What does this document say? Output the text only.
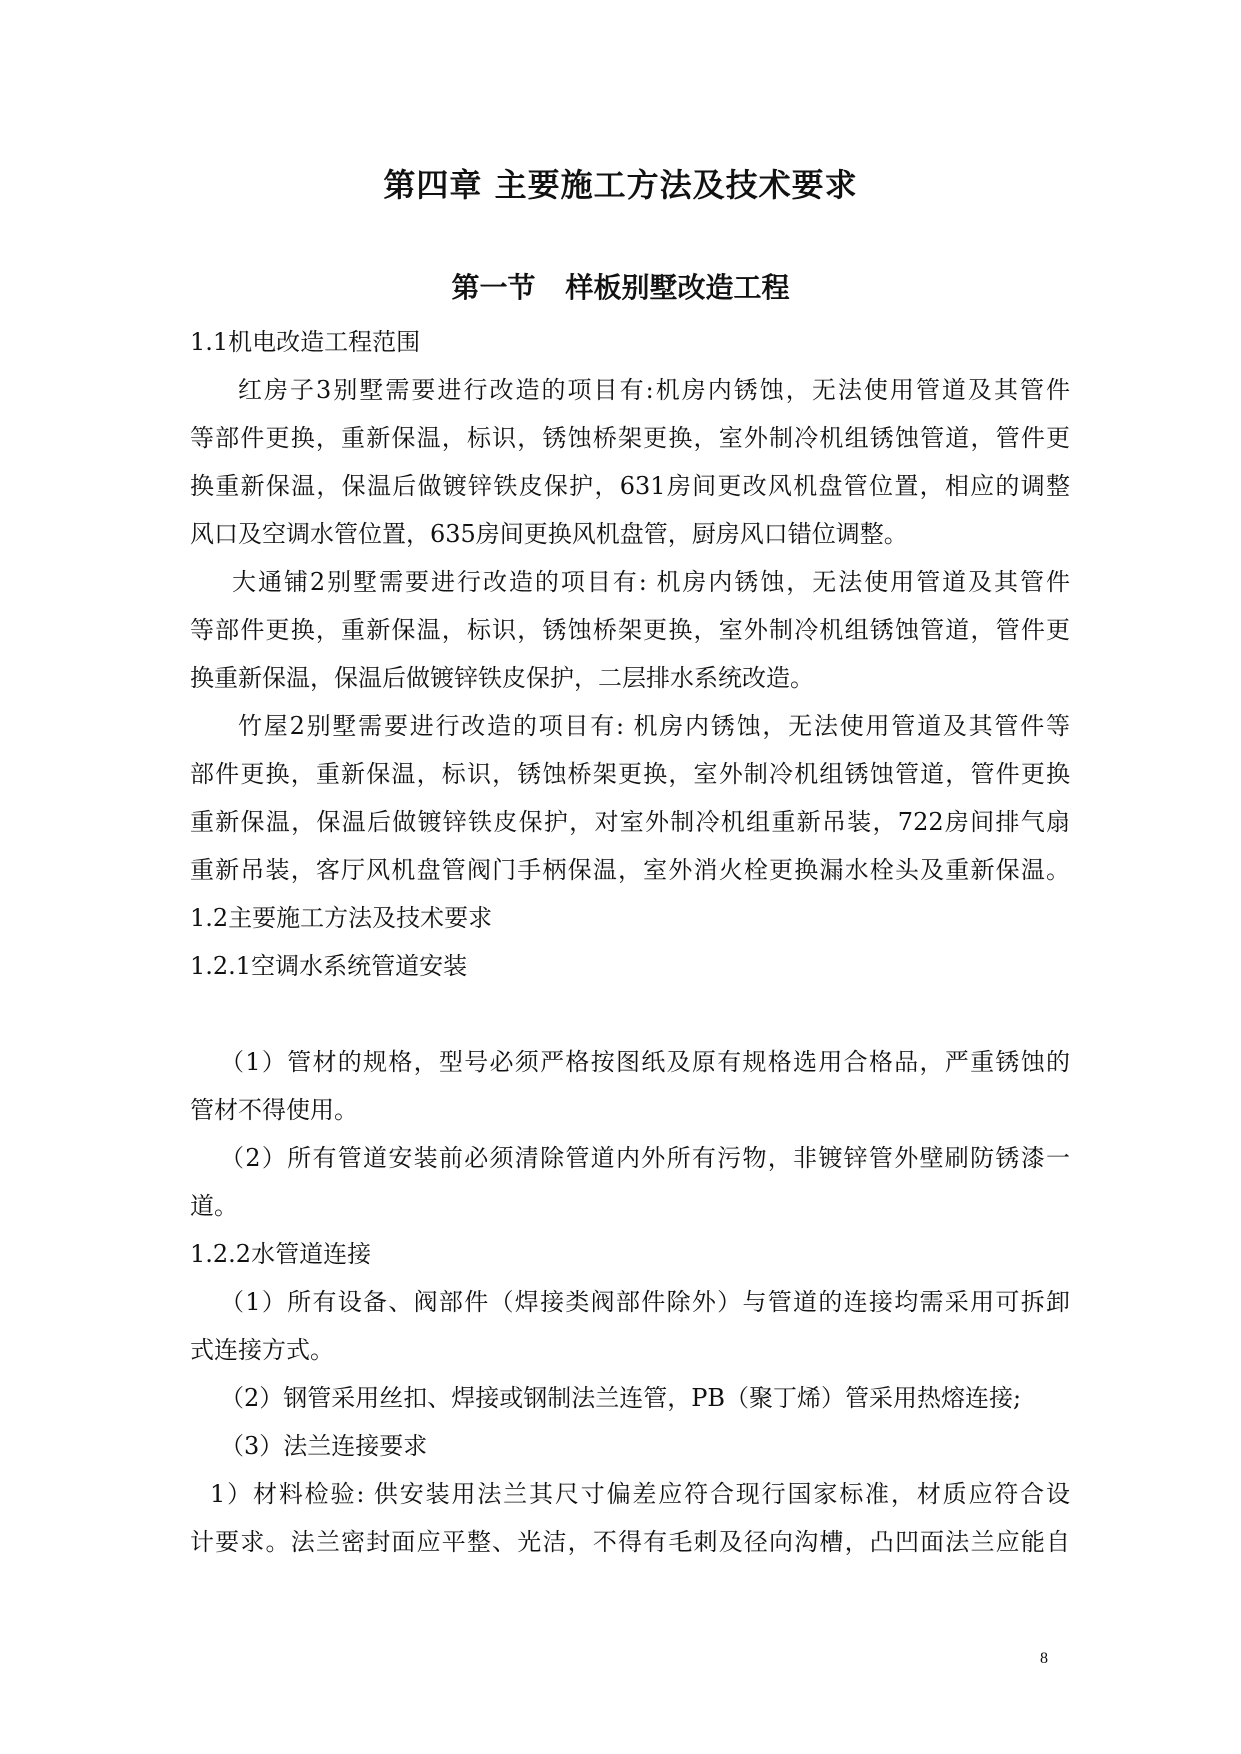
第四章 主要施工方法及技术要求
第一节 样板别墅改造工程
1.1机电改造工程范围
红房子3别墅需要进行改造的项目有:机房内锈蚀，无法使用管道及其管件
等部件更换，重新保温，标识，锈蚀桥架更换，室外制冷机组锈蚀管道，管件更
换重新保温，保温后做镀锌铁皮保护，631房间更改风机盘管位置，相应的调整
风口及空调水管位置，635房间更换风机盘管，厨房风口错位调整。
大通铺2别墅需要进行改造的项目有: 机房内锈蚀，无法使用管道及其管件
等部件更换，重新保温，标识，锈蚀桥架更换，室外制冷机组锈蚀管道，管件更
换重新保温，保温后做镀锌铁皮保护，二层排水系统改造。
竹屋2别墅需要进行改造的项目有: 机房内锈蚀，无法使用管道及其管件等
部件更换，重新保温，标识，锈蚀桥架更换，室外制冷机组锈蚀管道，管件更换
重新保温，保温后做镀锌铁皮保护，对室外制冷机组重新吊装，722房间排气扇
重新吊装，客厅风机盘管阀门手柄保温，室外消火栓更换漏水栓头及重新保温。
1.2主要施工方法及技术要求
1.2.1空调水系统管道安装
（1）管材的规格，型号必须严格按图纸及原有规格选用合格品，严重锈蚀的
管材不得使用。
（2）所有管道安装前必须清除管道内外所有污物，非镀锌管外壁刷防锈漆一
道。
1.2.2水管道连接
（1）所有设备、阀部件（焊接类阀部件除外）与管道的连接均需采用可拆卸
式连接方式。
（2）钢管采用丝扣、焊接或钢制法兰连管，PB（聚丁烯）管采用热熔连接;
（3）法兰连接要求
1）材料检验: 供安装用法兰其尺寸偏差应符合现行国家标准，材质应符合设
计要求。法兰密封面应平整、光洁，不得有毛刺及径向沟槽，凸凹面法兰应能自
8
